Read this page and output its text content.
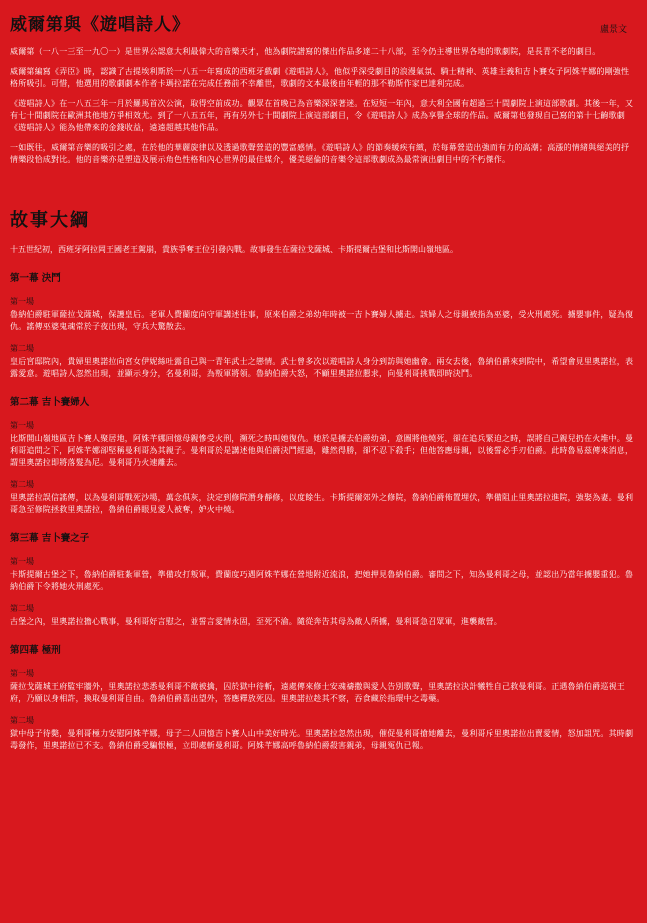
威爾第與《遊唱詩人》	盧景文

威爾第（一八一三至一九〇一）是世界公認意大利最偉大的音樂天才，他為劇院譜寫的傑出作品多達二十八部，至今仍主導世界各地的歌劇院，是長青不老的劇目。

威爾第編寫《弄臣》時，認識了古提埃利斯於一八五一年寫成的西班牙戲劇《遊唱詩人》，他似乎深受劇目的浪漫氣氛、騎士精神、英雄主義和吉卜賽女子阿姝芊娜的剛強性格所吸引。可惜，他選用的歌劇劇本作者卡瑪拉諾在完成任務前不幸離世，歌劇的文本最後由年輕的那不勒斯作家巴達利完成。

《遊唱詩人》在一八五三年一月於羅馬首次公演，取得空前成功。觀眾在首晚已為音樂深深著迷。在短短一年內，意大利全國有超過三十間劇院上演這部歌劇。其後一年，又有七十間劇院在歐洲其他地方爭相效尤。到了一八五五年，再有另外七十間劇院上演這部劇目，令《遊唱詩人》成為享譽全球的作品。威爾第也發現自己寫的第十七齣歌劇《遊唱詩人》能為他帶來的金錢收益，遠遠超越其他作品。

一如既往，威爾第音樂的吸引之處，在於他的華麗旋律以及透過歌聲營造的豐富感情。《遊唱詩人》的節奏緩疾有緻，於每幕營造出強而有力的高潮；高漲的情緒與絕美的抒情樂段恰成對比。他的音樂亦是塑造及展示角色性格和內心世界的最佳媒介，優美絕倫的音樂令這部歌劇成為最常演出劇目中的不朽傑作。

故事大綱

十五世紀初，西班牙阿拉岡王國老王駕崩，貴族爭奪王位引發內戰。故事發生在薩拉戈薩城、卡斯提爾古堡和比斯開山嶺地區。

第一幕 決鬥
第一場
魯納伯爵駐軍薩拉戈薩城，保護皇后。老軍人費蘭度向守軍講述往事，原來伯爵之弟幼年時被一吉卜賽婦人擄走。該婦人之母親被指為巫婆，受火刑處死。擄嬰事件，疑為復仇。謠傳巫婆鬼魂常於子夜出現，守兵大驚散去。
第二場
皇后宮邸院內，貴婦里奧諾拉向宮女伊妮絲吐露自己與一青年武士之戀情。武士曾多次以遊唱詩人身分到訪與她幽會。兩女去後，魯納伯爵來到院中，希望會見里奧諾拉，表露愛意。遊唱詩人忽然出現，並顯示身分，名曼利哥，為叛軍將領。魯納伯爵大怒，不顧里奧諾拉懇求，向曼利哥挑戰即時決鬥。
第二幕 吉卜賽婦人
第一場
比斯開山嶺地區吉卜賽人聚居地，阿姝芊娜回憶母親慘受火刑，瀕死之時叫她復仇。她於是擄去伯爵幼弟，意圖將他燒死，卻在追兵緊迫之時，誤將自己親兒扔在火堆中。曼利哥追問之下，阿姝芊娜卻堅稱曼利哥為其親子。曼利哥於是講述他與伯爵決鬥經過，雖然得勝，卻不忍下殺手；但他答應母親，以後誓必手刃伯爵。此時魯易茲傳來消息，謂里奧諾拉即將落髮為尼。曼利哥乃火速離去。
第二場
里奧諾拉誤信謠傳，以為曼利哥戰死沙場，萬念俱灰，決定到修院潛身靜修，以度餘生。卡斯提爾郊外之修院，魯納伯爵佈置埋伏，準備阻止里奧諾拉進院，強娶為妻。曼利哥急至修院拯救里奧諾拉，魯納伯爵眼見愛人被奪，妒火中燒。
第三幕 吉卜賽之子
第一場
卡斯提爾古堡之下，魯納伯爵駐紮軍營，準備攻打叛軍，費蘭度巧遇阿姝芊娜在營地附近流浪，把她押見魯納伯爵。審問之下，知為曼利哥之母，並認出乃當年擄嬰重犯。魯納伯爵下令將她火刑處死。
第二場
古堡之內，里奧諾拉擔心戰事，曼利哥好言慰之，並誓言愛情永固，至死不渝。隨從奔告其母為敵人所擄，曼利哥急召眾軍，進襲敵營。
第四幕 極刑
第一場
薩拉戈薩城王府監牢牆外，里奧諾拉悲悉曼利哥不敵被擒，囚於獄中待斬，遠處傳來修士安魂禱撒與愛人告別歌聲，里奧諾拉決計犧牲自己救曼利哥。正遇魯納伯爵巡視王府，乃願以身相許，換取曼利哥自由。魯納伯爵喜出望外，答應釋放死囚。里奧諾拉趁其不察，吞食藏於指環中之毒藥。
第二場
獄中母子待斃，曼利哥極力安慰阿姝芊娜，母子二人回憶吉卜賽人山中美好時光。里奧諾拉忽然出現，催促曼利哥搶她離去，曼利哥斥里奧諾拉出賣愛情，怒加詛咒。其時劇毒發作，里奧諾拉已不支。魯納伯爵受騙恨極，立即處斬曼利哥。阿姝芊娜高呼魯納伯爵殺害親弟，母親冤仇已報。
